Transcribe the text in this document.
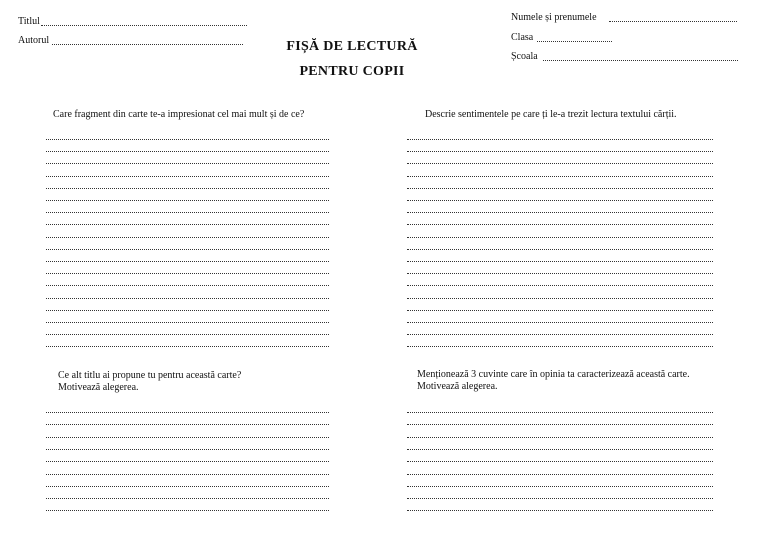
Titlul
Autorul
Numele și prenumele
Clasa
Școala
FIȘĂ DE LECTURĂ
PENTRU COPII
Care fragment din carte te-a impresionat cel mai mult și de ce?	Descrie sentimentele pe care ți le-a trezit lectura textului cărții.
Ce alt titlu ai propune tu pentru această carte?
Motivează alegerea.
Menționează 3 cuvinte care în opinia ta caracterizează această carte.
Motivează alegerea.
